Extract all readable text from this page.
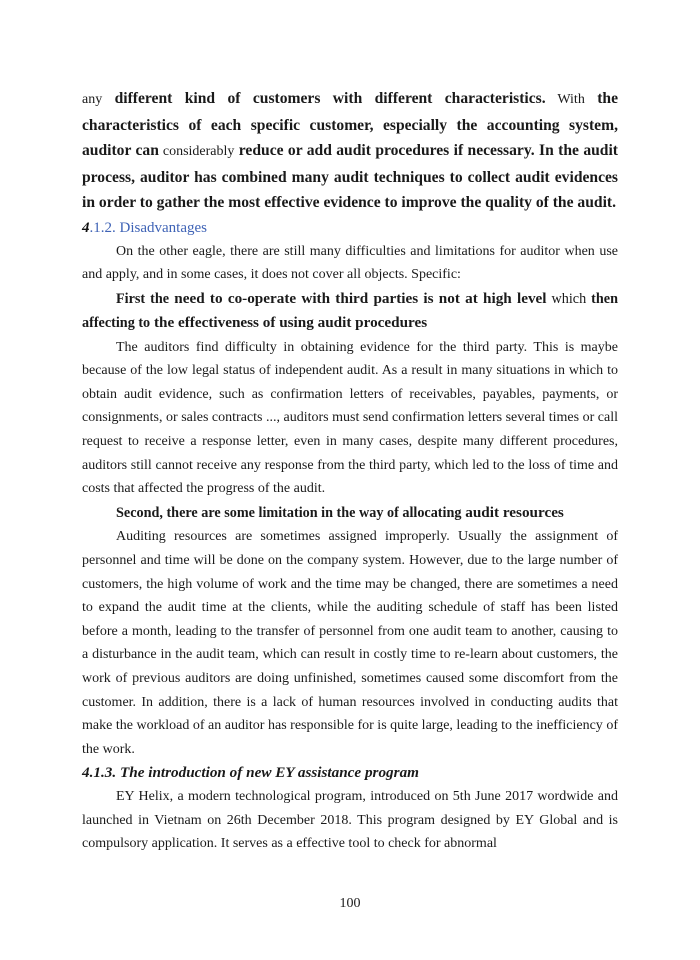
any different kind of customers with different characteristics. With the characteristics of each specific customer, especially the accounting system, auditor can considerably reduce or add audit procedures if necessary. In the audit process, auditor has combined many audit techniques to collect audit evidences in order to gather the most effective evidence to improve the quality of the audit.

4.1.2. Disadvantages

On the other eagle, there are still many difficulties and limitations for auditor when use and apply, and in some cases, it does not cover all objects. Specific:

First the need to co-operate with third parties is not at high level which then affecting to the effectiveness of using audit procedures

The auditors find difficulty in obtaining evidence for the third party. This is maybe because of the low legal status of independent audit. As a result in many situations in which to obtain audit evidence, such as confirmation letters of receivables, payables, payments, or consignments, or sales contracts ..., auditors must send confirmation letters several times or call request to receive a response letter, even in many cases, despite many different procedures, auditors still cannot receive any response from the third party, which led to the loss of time and costs that affected the progress of the audit.

Second, there are some limitation in the way of allocating audit resources

Auditing resources are sometimes assigned improperly. Usually the assignment of personnel and time will be done on the company system. However, due to the large number of customers, the high volume of work and the time may be changed, there are sometimes a need to expand the audit time at the clients, while the auditing schedule of staff has been listed before a month, leading to the transfer of personnel from one audit team to another, causing to a disturbance in the audit team, which can result in costly time to re-learn about customers, the work of previous auditors are doing unfinished, sometimes caused some discomfort from the customer. In addition, there is a lack of human resources involved in conducting audits that make the workload of an auditor has responsible for is quite large, leading to the inefficiency of the work.

4.1.3. The introduction of new EY assistance program

EY Helix, a modern technological program, introduced on 5th June 2017 wordwide and launched in Vietnam on 26th December 2018. This program designed by EY Global and is compulsory application. It serves as a effective tool to check for abnormal

100
